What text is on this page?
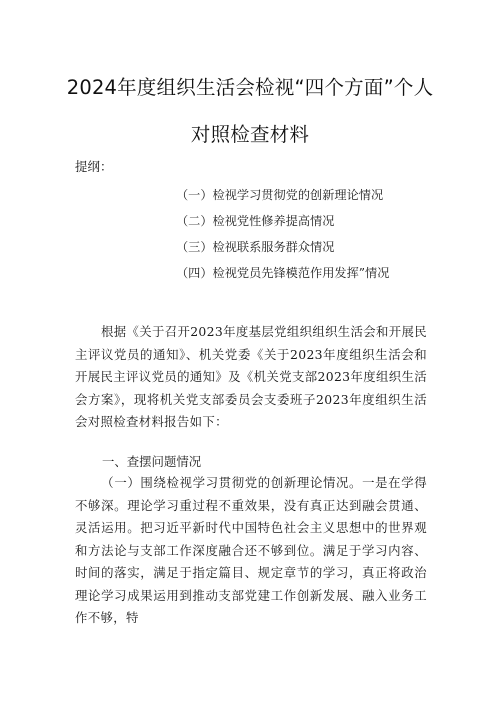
2024年度组织生活会检视“四个方面”个人
对照检查材料
提纲：
（一）检视学习贯彻党的创新理论情况
（二）检视党性修养提高情况
（三）检视联系服务群众情况
（四）检视党员先锋模范作用发挥”情况
根据《关于召开2023年度基层党组织组织生活会和开展民主评议党员的通知》、机关党委《关于2023年度组织生活会和开展民主评议党员的通知》及《机关党支部2023年度组织生活会方案》，现将机关党支部委员会支委班子2023年度组织生活会对照检查材料报告如下：
一、查摆问题情况
（一）围绕检视学习贯彻党的创新理论情况。一是在学得不够深。理论学习重过程不重效果，没有真正达到融会贯通、灵活运用。把习近平新时代中国特色社会主义思想中的世界观和方法论与支部工作深度融合还不够到位。满足于学习内容、时间的落实，满足于指定篇目、规定章节的学习，真正将政治理论学习成果运用到推动支部党建工作创新发展、融入业务工作不够，特
